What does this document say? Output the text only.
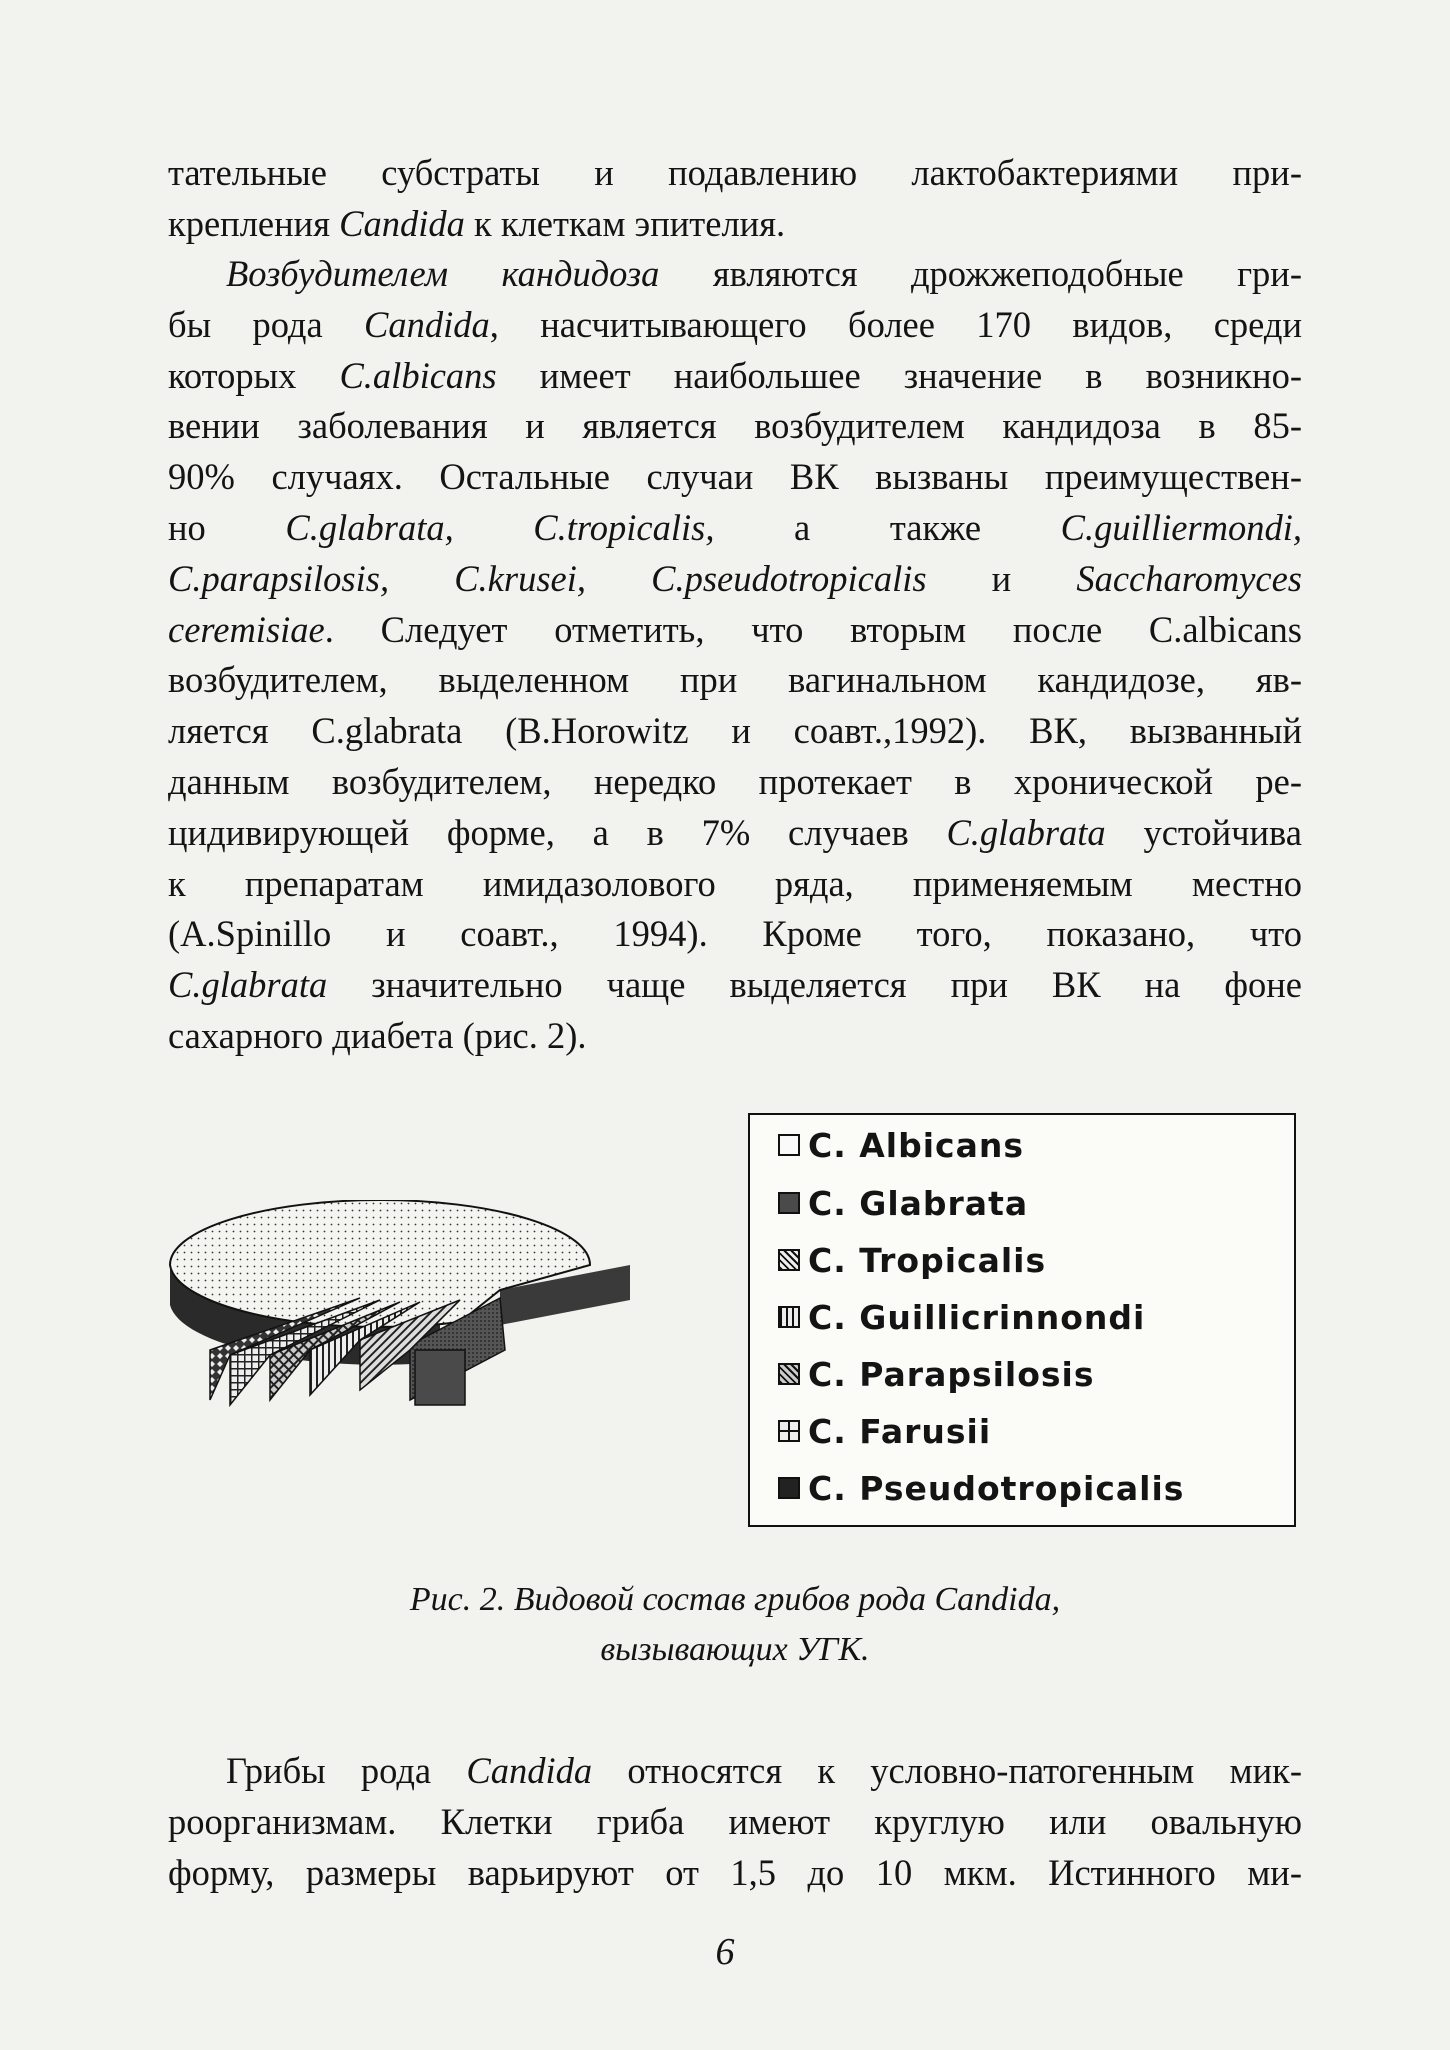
тательные субстраты и подавлению лактобактериями при-
крепления Candida к клеткам эпителия.
Возбудителем кандидоза являются дрожжеподобные гри-
бы рода Candida, насчитывающего более 170 видов, среди
которых C.albicans имеет наибольшее значение в возникно-
вении заболевания и является возбудителем кандидоза в 85-
90% случаях. Остальные случаи ВК вызваны преимуществен-
но C.glabrata, C.tropicalis, а также C.guilliermondi,
C.parapsilosis, C.krusei, C.pseudotropicalis и Saccharomyces
ceremisiae. Следует отметить, что вторым после C.albicans
возбудителем, выделенном при вагинальном кандидозе, яв-
ляется C.glabrata (B.Horowitz и соавт.,1992). ВК, вызванный
данным возбудителем, нередко протекает в хронической ре-
цидивирующей форме, а в 7% случаев C.glabrata устойчива
к препаратам имидазолового ряда, применяемым местно
(A.Spinillo и соавт., 1994). Кроме того, показано, что
C.glabrata значительно чаще выделяется при ВК на фоне
сахарного диабета (рис. 2).
C. Albicans
C. Glabrata
C. Tropicalis
C. Guillicrinnondi
C. Parapsilosis
C. Farusii
C. Pseudotropicalis
Рис. 2. Видовой состав грибов рода Candida,
вызывающих УГК.
Грибы рода Candida относятся к условно-патогенным мик-
роорганизмам. Клетки гриба имеют круглую или овальную
форму, размеры варьируют от 1,5 до 10 мкм. Истинного ми-
6
